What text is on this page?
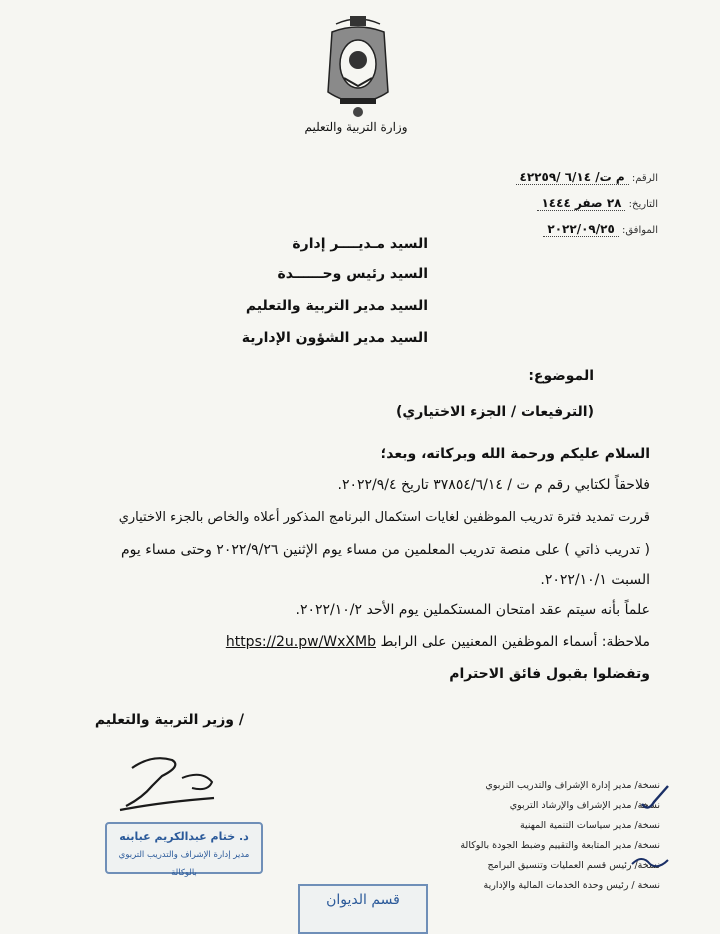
وزارة التربية والتعليم
الرقم: م ت/ ٦/١٤ /٤٢٢٥٩
التاريخ: ٢٨ صفر ١٤٤٤
الموافق: ٢٠٢٢/٠٩/٢٥
السيد مـديــــر إدارة
السيد رئيس وحــــــدة
السيد مدير التربية والتعليم
السيد مدير الشؤون الإدارية
الموضوع:
(الترفيعات / الجزء الاختياري)
السلام عليكم ورحمة الله وبركاته، وبعد؛
فلاحقاً لكتابي رقم م ت / ٣٧٨٥٤/٦/١٤ تاريخ ٢٠٢٢/٩/٤.
قررت تمديد فترة تدريب الموظفين لغايات استكمال البرنامج المذكور أعلاه والخاص بالجزء الاختياري
( تدريب ذاتي ) على منصة تدريب المعلمين من مساء يوم الإثنين ٢٠٢٢/٩/٢٦ وحتى مساء يوم
السبت ٢٠٢٢/١٠/١.
علماً بأنه سيتم عقد امتحان المستكملين يوم الأحد ٢٠٢٢/١٠/٢.
ملاحظة: أسماء الموظفين المعنيين على الرابط https://2u.pw/WxXMb
وتفضلوا بقبول فائق الاحترام
/ وزير التربية والتعليم
د. ختام عبدالكريم عبابنه
مدير إدارة الإشراف والتدريب التربوي بالوكالة
قسم الديوان
نسخة/ مدير إدارة الإشراف والتدريب التربوي
نسخة/ مدير الإشراف والإرشاد التربوي
نسخة/ مدير سياسات التنمية المهنية
نسخة/ مدير المتابعة والتقييم وضبط الجودة بالوكالة
نسخة/ رئيس قسم العمليات وتنسيق البرامج
نسخة / رئيس وحدة الخدمات المالية والإدارية
